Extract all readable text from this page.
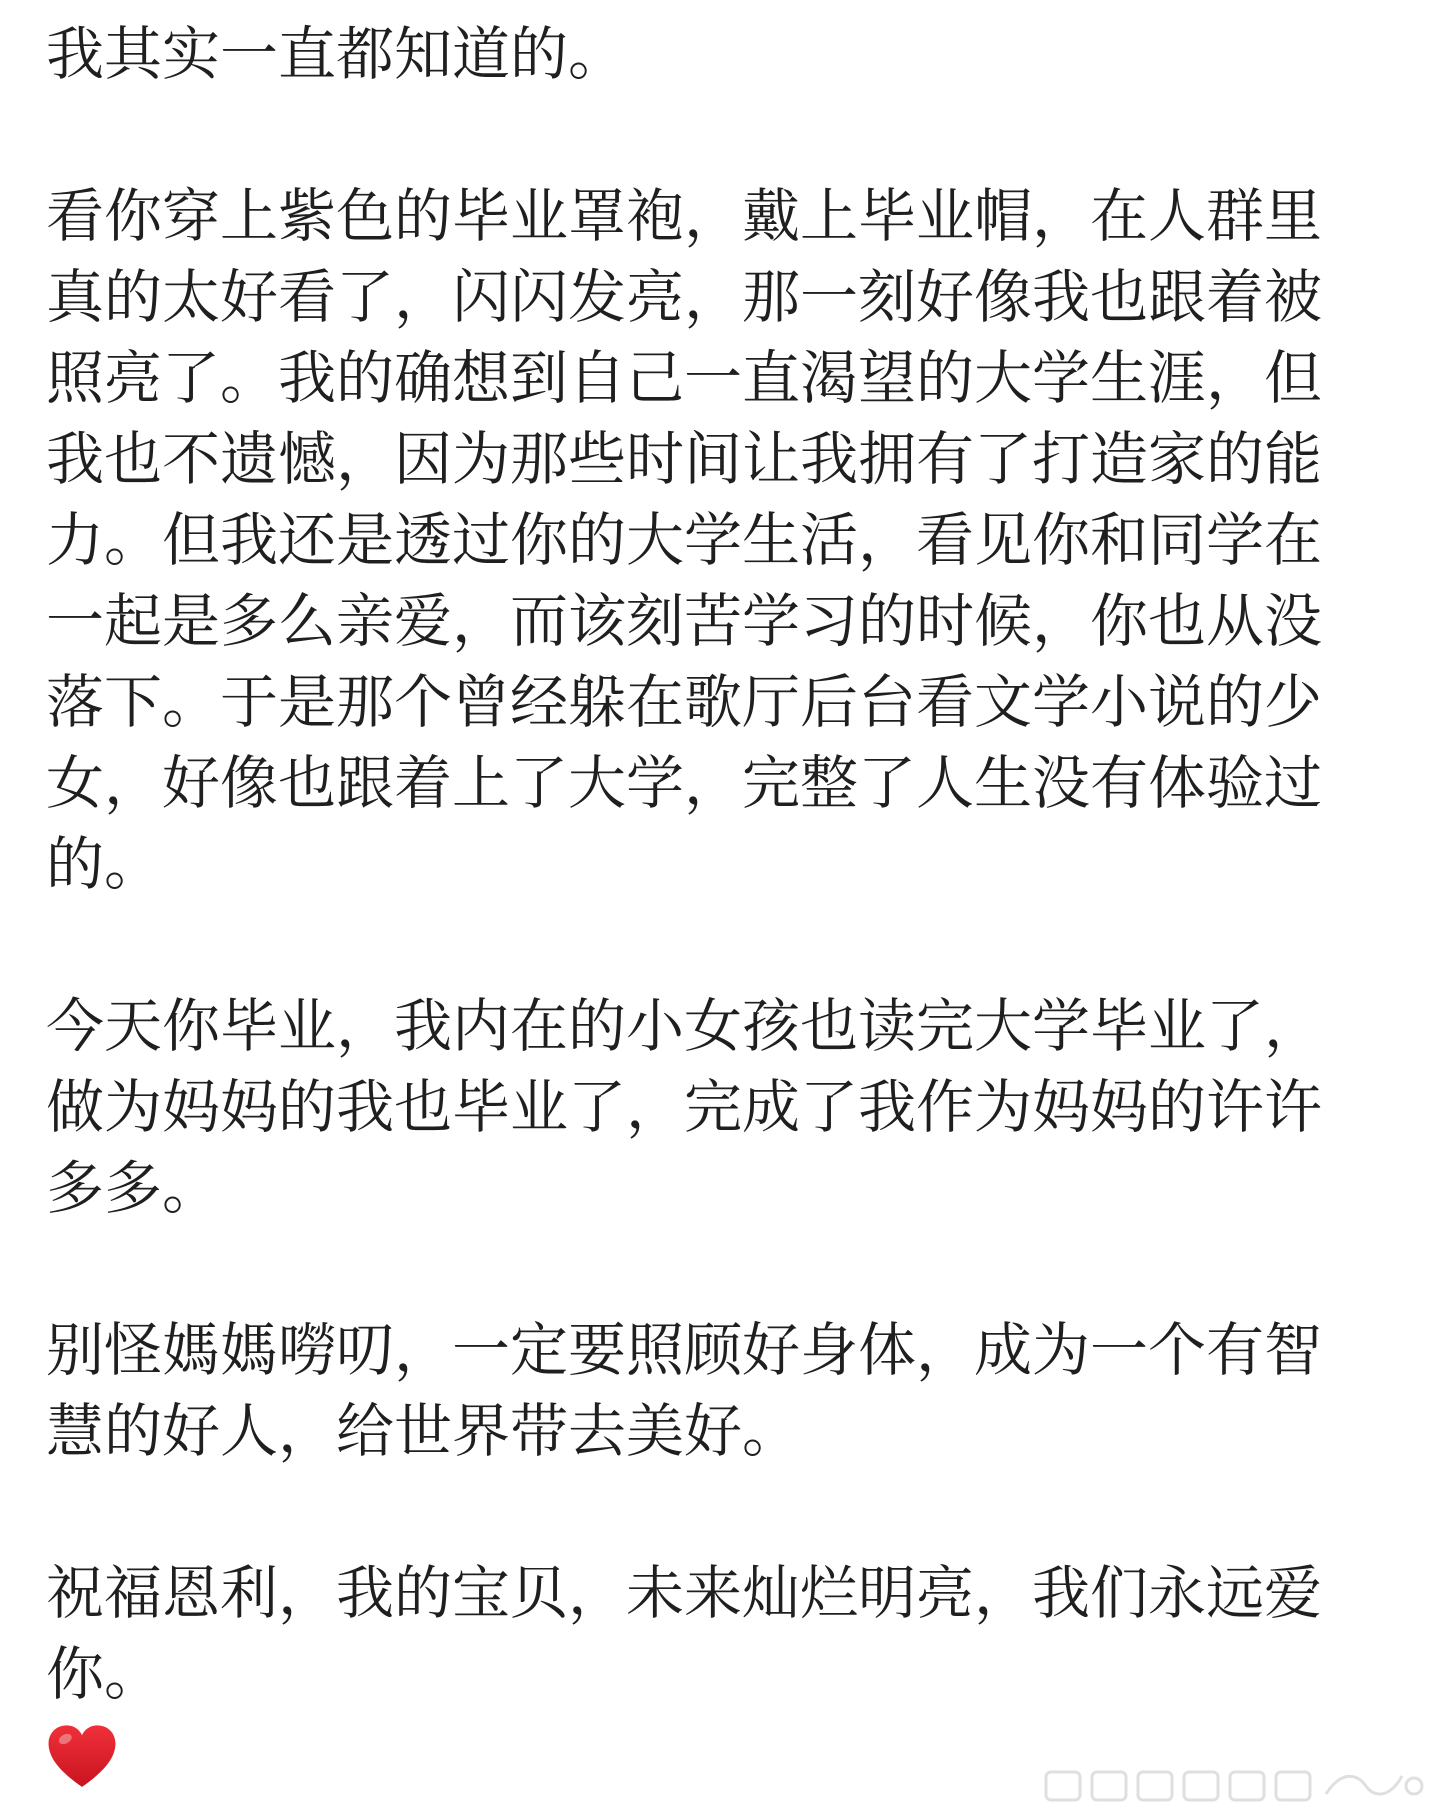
我其实一直都知道的。

看你穿上紫色的毕业罩袍，戴上毕业帽，在人群里
真的太好看了，闪闪发亮，那一刻好像我也跟着被
照亮了。我的确想到自己一直渴望的大学生涯，但
我也不遗憾，因为那些时间让我拥有了打造家的能
力。但我还是透过你的大学生活，看见你和同学在
一起是多么亲爱，而该刻苦学习的时候，你也从没
落下。于是那个曾经躲在歌厅后台看文学小说的少
女，好像也跟着上了大学，完整了人生没有体验过
的。

今天你毕业，我内在的小女孩也读完大学毕业了，
做为妈妈的我也毕业了，完成了我作为妈妈的许许
多多。

别怪媽媽嘮叨，一定要照顾好身体，成为一个有智
慧的好人，给世界带去美好。

祝福恩利，我的宝贝，未来灿烂明亮，我们永远爱
你。
